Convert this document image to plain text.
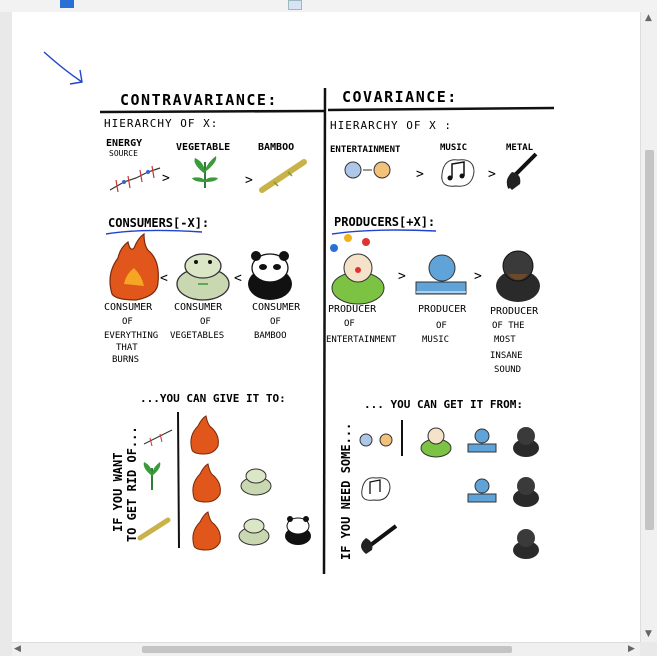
CONTRAVARIANCE:	COVARIANCE:
HIERARCHY OF X:
ENERGY
SOURCE
VEGETABLE	BAMBOO
>	>
CONSUMERS[-X]:
<	<
CONSUMER
OF
EVERYTHING
THAT
BURNS
CONSUMER
OF
VEGETABLES
CONSUMER
OF
BAMBOO
...YOU CAN GIVE IT TO:
IF YOU WANT TO GET RID OF...
HIERARCHY OF X :
ENTERTAINMENT	MUSIC	METAL
>	>
PRODUCERS[+X]:
>	>
PRODUCER
OF
ENTERTAINMENT
PRODUCER
OF
MUSIC
PRODUCER
OF THE
MOST
INSANE
SOUND
... YOU CAN GET IT FROM:
IF YOU NEED SOME...
▲
▼
◀	▶
